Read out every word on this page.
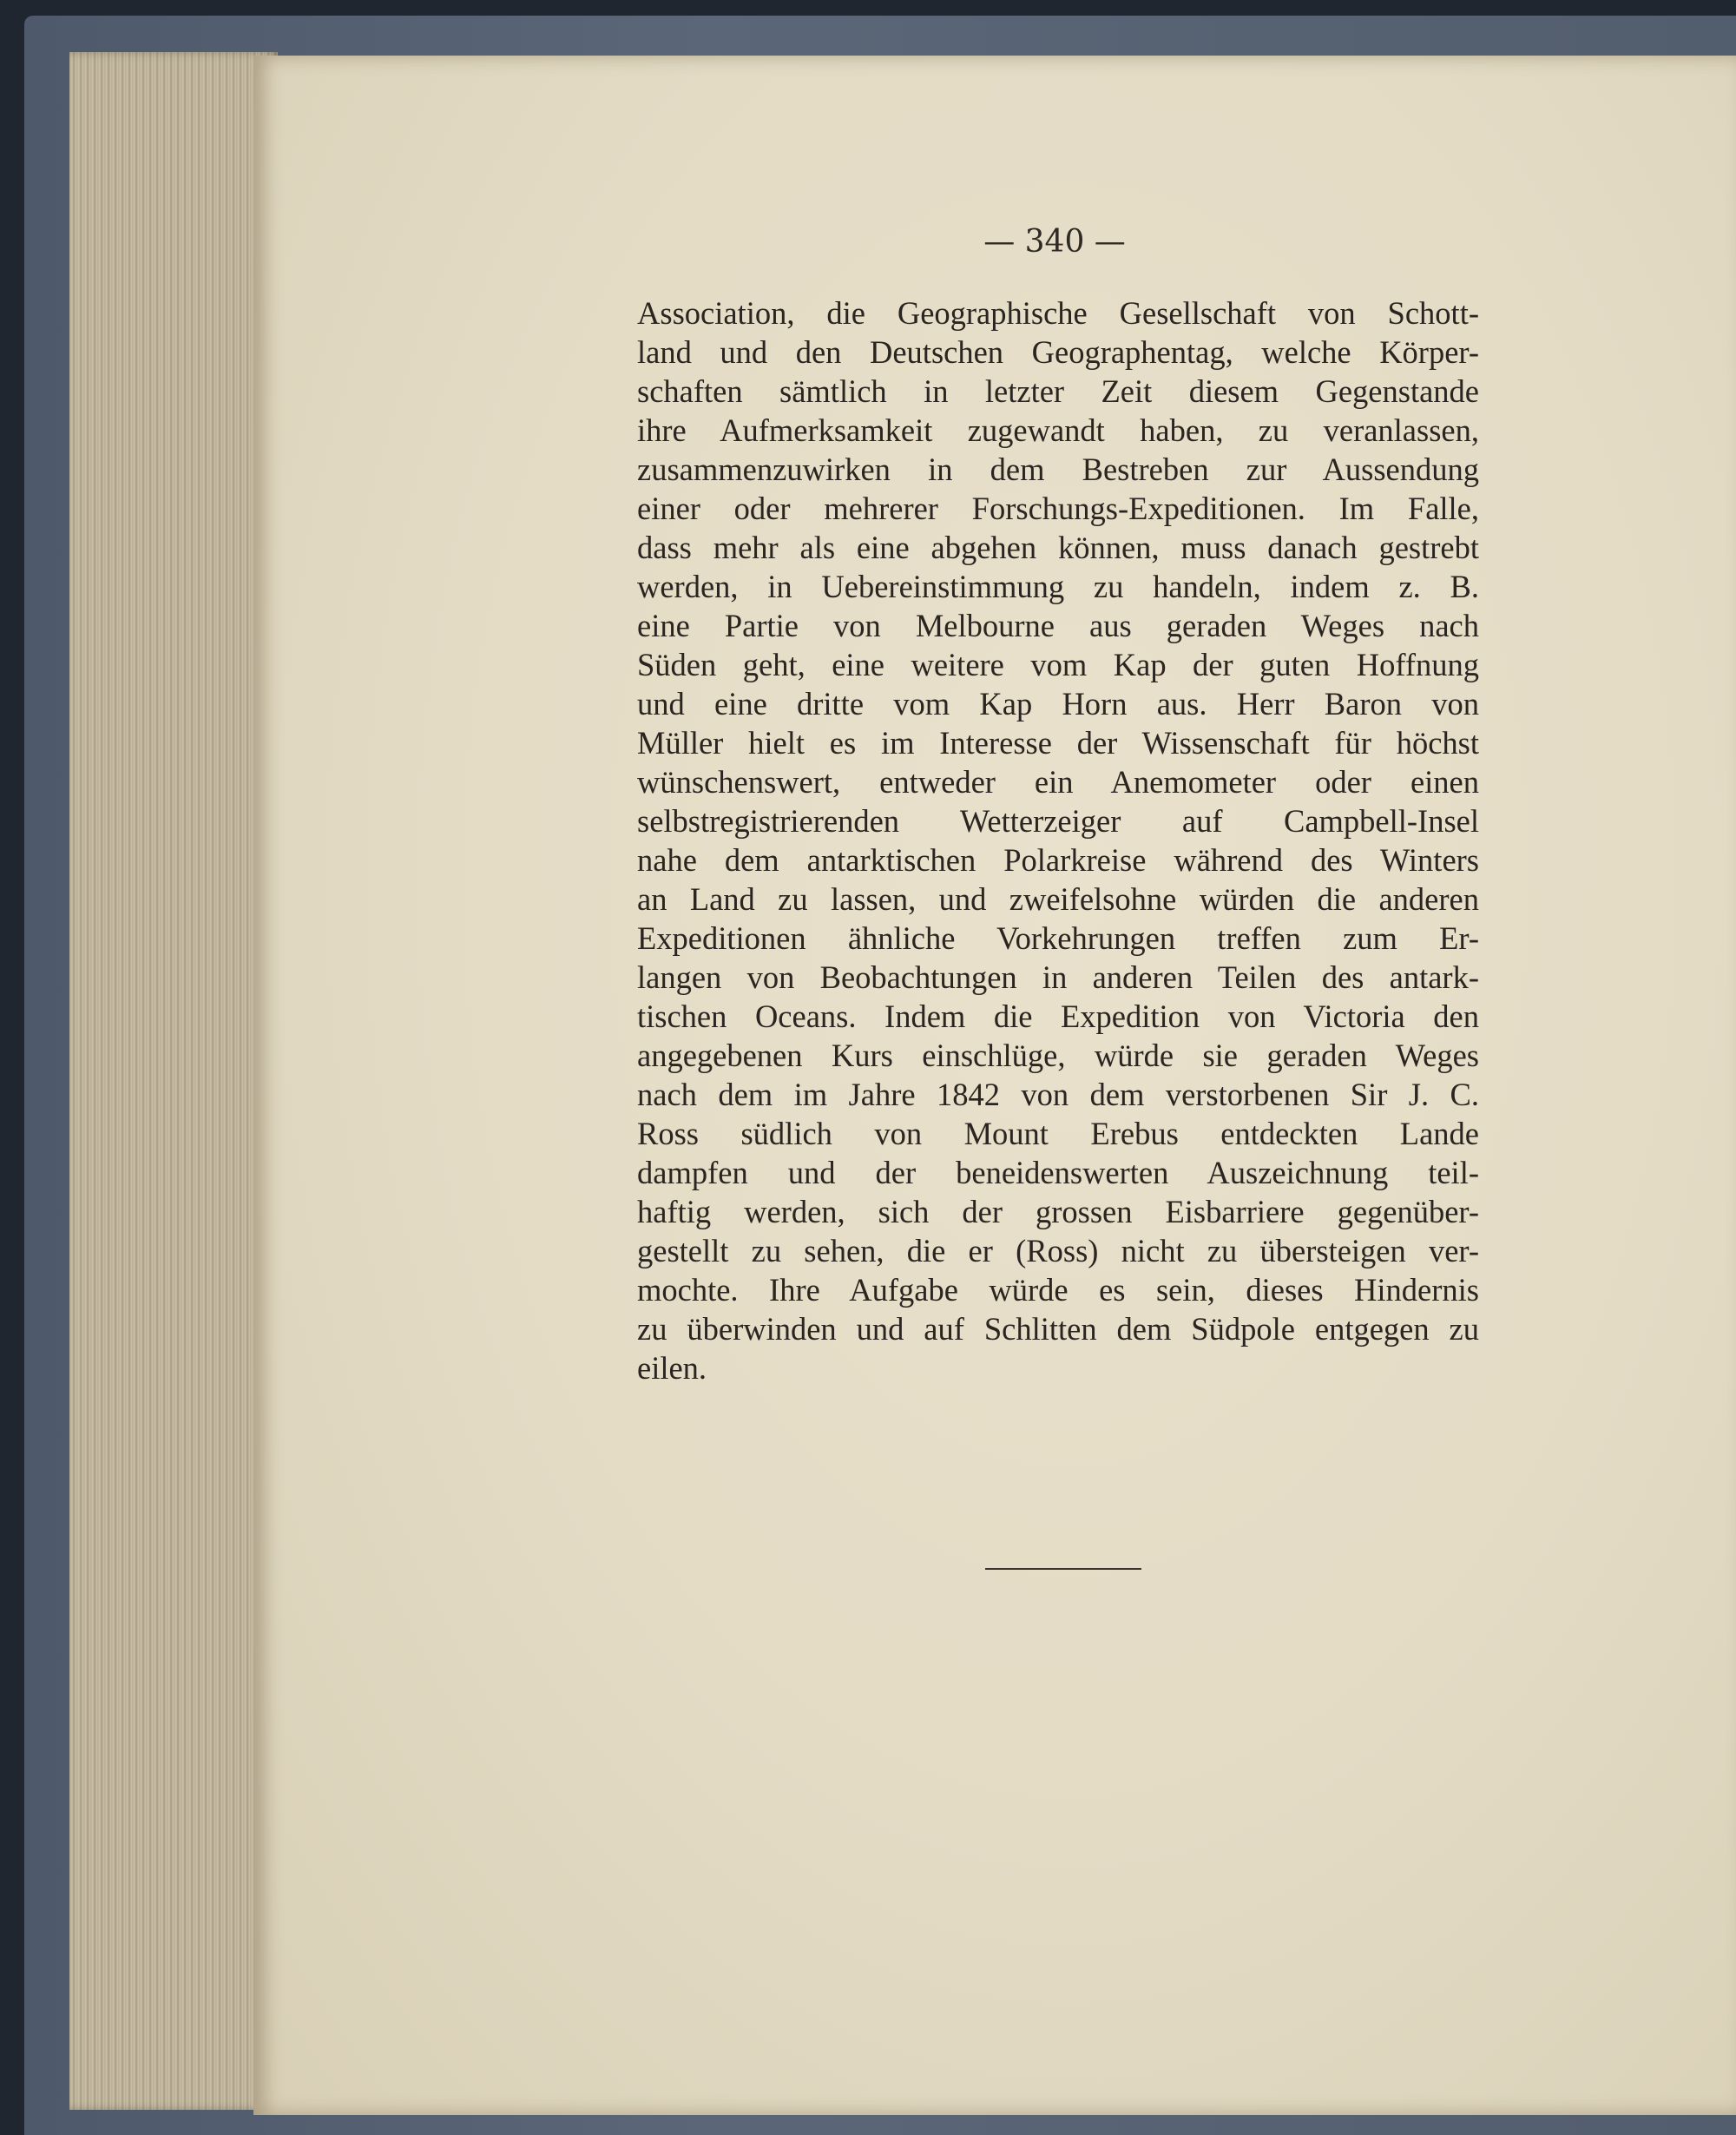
— 340 —
Association, die Geographische Gesellschaft von Schott-
land und den Deutschen Geographentag, welche Körper-
schaften sämtlich in letzter Zeit diesem Gegenstande
ihre Aufmerksamkeit zugewandt haben, zu veranlassen,
zusammenzuwirken in dem Bestreben zur Aussendung
einer oder mehrerer Forschungs-Expeditionen. Im Falle,
dass mehr als eine abgehen können, muss danach gestrebt
werden, in Uebereinstimmung zu handeln, indem z. B.
eine Partie von Melbourne aus geraden Weges nach
Süden geht, eine weitere vom Kap der guten Hoffnung
und eine dritte vom Kap Horn aus. Herr Baron von
Müller hielt es im Interesse der Wissenschaft für höchst
wünschenswert, entweder ein Anemometer oder einen
selbstregistrierenden Wetterzeiger auf Campbell-Insel
nahe dem antarktischen Polarkreise während des Winters
an Land zu lassen, und zweifelsohne würden die anderen
Expeditionen ähnliche Vorkehrungen treffen zum Er-
langen von Beobachtungen in anderen Teilen des antark-
tischen Oceans. Indem die Expedition von Victoria den
angegebenen Kurs einschlüge, würde sie geraden Weges
nach dem im Jahre 1842 von dem verstorbenen Sir J. C.
Ross südlich von Mount Erebus entdeckten Lande
dampfen und der beneidenswerten Auszeichnung teil-
haftig werden, sich der grossen Eisbarriere gegenüber-
gestellt zu sehen, die er (Ross) nicht zu übersteigen ver-
mochte. Ihre Aufgabe würde es sein, dieses Hindernis
zu überwinden und auf Schlitten dem Südpole entgegen zu
eilen.
